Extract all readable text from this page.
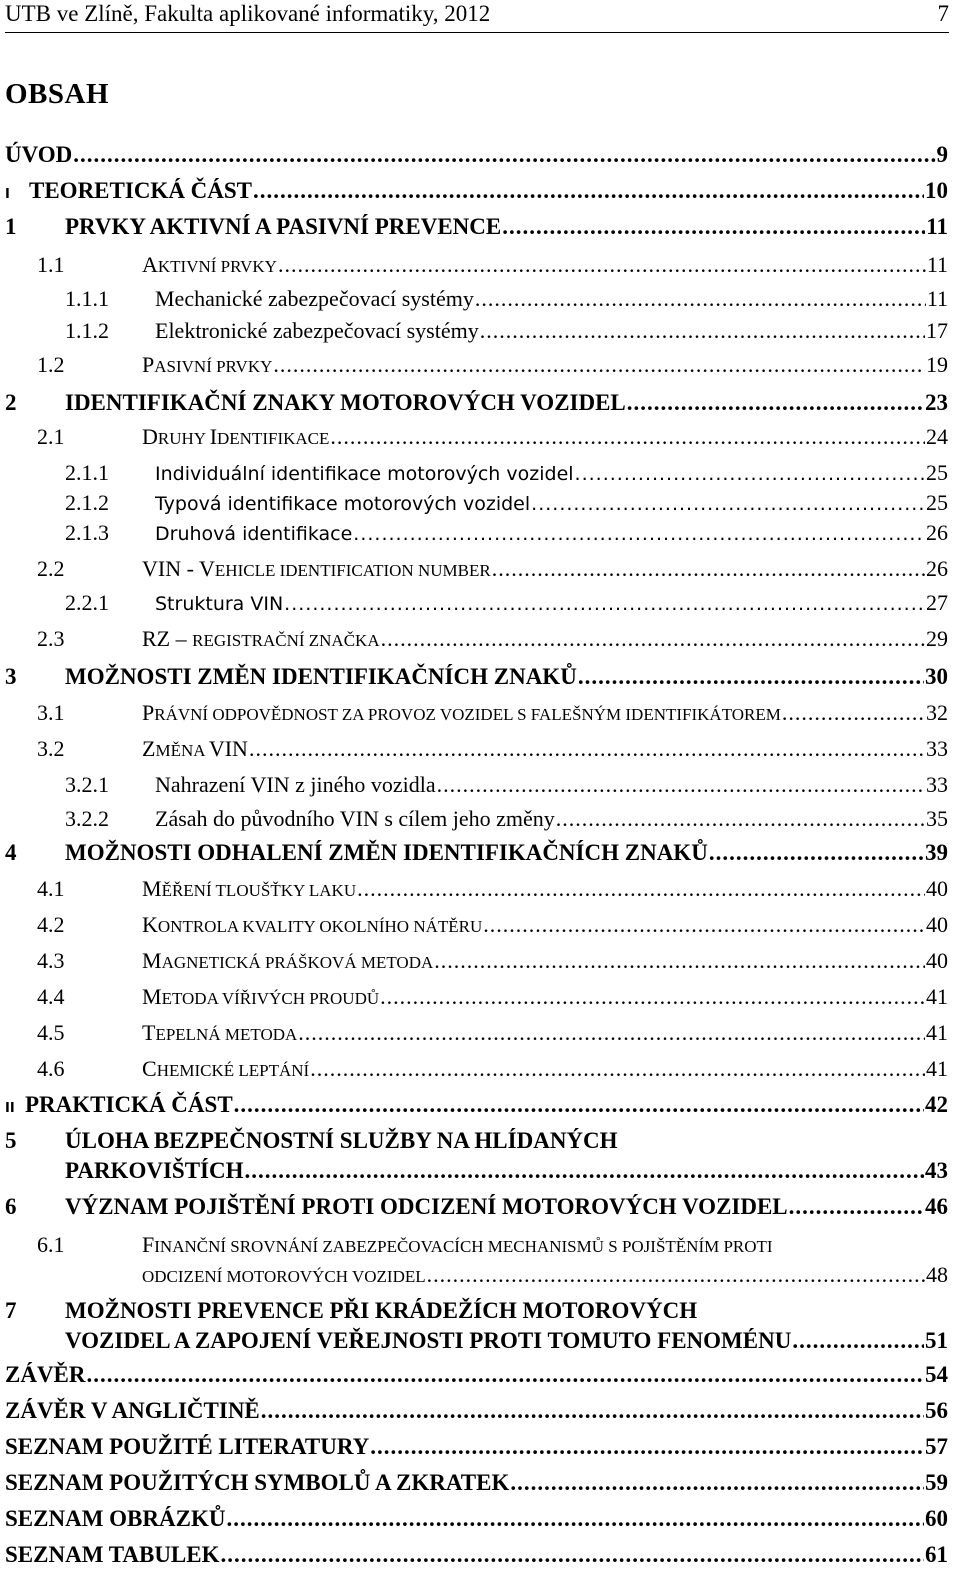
UTB ve Zlíně, Fakulta aplikované informatiky, 2012	7
OBSAH
ÚVOD .....	9
I TEORETICKÁ ČÁST .....	10
1	PRVKY AKTIVNÍ A PASIVNÍ PREVENCE .....	11
1.1	AKTIVNÍ PRVKY .....	11
1.1.1	Mechanické zabezpečovací systémy .....	11
1.1.2	Elektronické zabezpečovací systémy .....	17
1.2	PASIVNÍ PRVKY .....	19
2	IDENTIFIKAČNÍ ZNAKY MOTOROVÝCH VOZIDEL .....	23
2.1	DRUHY IDENTIFIKACE .....	24
2.1.1	Individuální identifikace motorových vozidel .....	25
2.1.2	Typová identifikace motorových vozidel .....	25
2.1.3	Druhová identifikace .....	26
2.2	VIN - VEHICLE IDENTIFICATION NUMBER .....	26
2.2.1	Struktura VIN .....	27
2.3	RZ – REGISTRAČNÍ ZNAČKA .....	29
3	MOŽNOSTI ZMĚN IDENTIFIKAČNÍCH ZNAKŮ .....	30
3.1	PRÁVNÍ ODPOVĚDNOST ZA PROVOZ VOZIDEL S FALEŠNÝM IDENTIFIKÁTOREM .....	32
3.2	ZMĚNA VIN .....	33
3.2.1	Nahrazení VIN z jiného vozidla .....	33
3.2.2	Zásah do původního VIN s cílem jeho změny .....	35
4	MOŽNOSTI ODHALENÍ ZMĚN IDENTIFIKAČNÍCH ZNAKŮ .....	39
4.1	MĚŘENÍ TLOUŠŤKY LAKU .....	40
4.2	KONTROLA KVALITY OKOLNÍHO NÁTĚRU .....	40
4.3	MAGNETICKÁ PRÁŠKOVÁ METODA .....	40
4.4	METODA VÍŘIVÝCH PROUDŮ .....	41
4.5	TEPELNÁ METODA .....	41
4.6	CHEMICKÉ LEPTÁNÍ .....	41
II PRAKTICKÁ ČÁST .....	42
5	ÚLOHA BEZPEČNOSTNÍ SLUŽBY NA HLÍDANÝCH
PARKOVIŠTÍCH .....	43
6	VÝZNAM POJIŠTĚNÍ PROTI ODCIZENÍ MOTOROVÝCH VOZIDEL .....	46
6.1	FINANČNÍ SROVNÁNÍ ZABEZPEČOVACÍCH MECHANISMŮ S POJIŠTĚNÍM PROTI
ODCIZENÍ MOTOROVÝCH VOZIDEL .....	48
7	MOŽNOSTI PREVENCE PŘI KRÁDEŽÍCH MOTOROVÝCH
VOZIDEL A ZAPOJENÍ VEŘEJNOSTI PROTI TOMUTO FENOMÉNU .....	51
ZÁVĚR .....	54
ZÁVĚR V ANGLIČTINĚ .....	56
SEZNAM POUŽITÉ LITERATURY .....	57
SEZNAM POUŽITÝCH SYMBOLŮ A ZKRATEK .....	59
SEZNAM OBRÁZKŮ .....	60
SEZNAM TABULEK .....	61
